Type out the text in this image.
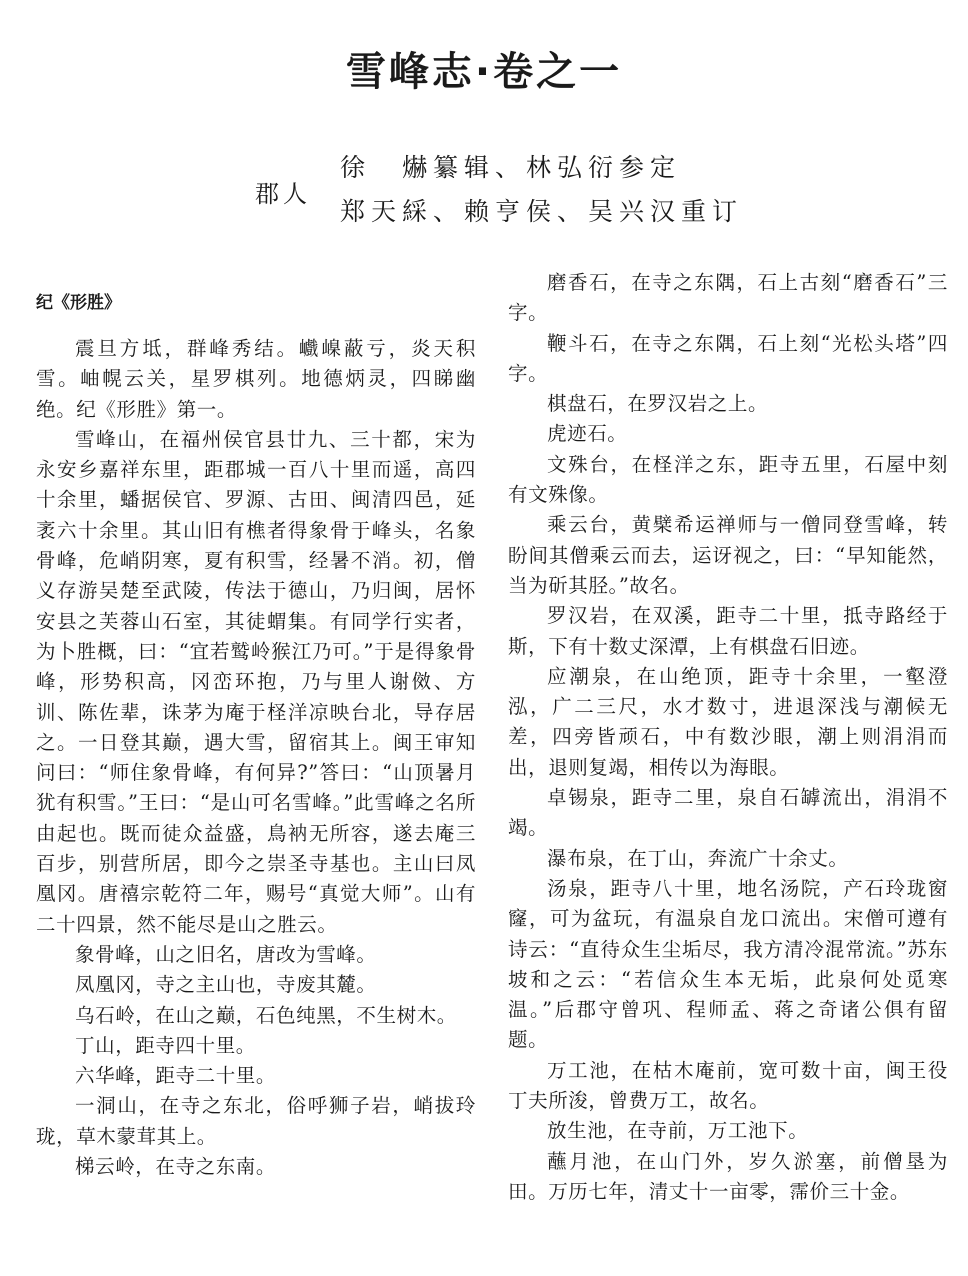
雪峰志·卷之一
郡人
徐　爀纂辑、林弘衍参定
郑天綵、赖亨侯、吴兴汉重订
纪《形胜》

震旦方坻，群峰秀结。巇嵲蔽亏，炎天积雪。岫幌云关，星罗棋列。地德炳灵，四睇幽绝。纪《形胜》第一。

雪峰山，在福州侯官县廿九、三十都，宋为永安乡嘉祥东里，距郡城一百八十里而遥，高四十余里，蟠据侯官、罗源、古田、闽清四邑，延袤六十余里。其山旧有樵者得象骨于峰头，名象骨峰，危峭阴寒，夏有积雪，经暑不消。初，僧义存游吴楚至武陵，传法于德山，乃归闽，居怀安县之芙蓉山石室，其徒蝟集。有同学行实者，为卜胜概，曰：“宜若鹫岭猴江乃可。”于是得象骨峰，形势积高，冈峦环抱，乃与里人谢傚、方训、陈佐辈，诛茅为庵于柽洋凉映台北，导存居之。一日登其巅，遇大雪，留宿其上。闽王审知问曰：“师住象骨峰，有何异?”答曰：“山顶暑月犹有积雪。”王曰：“是山可名雪峰。”此雪峰之名所由起也。既而徒众益盛，鳥衲无所容，遂去庵三百步，别营所居，即今之崇圣寺基也。主山曰凤凰冈。唐禧宗乾符二年，赐号“真觉大师”。山有二十四景，然不能尽是山之胜云。

象骨峰，山之旧名，唐改为雪峰。

凤凰冈，寺之主山也，寺废其麓。

乌石岭，在山之巅，石色纯黑，不生树木。

丁山，距寺四十里。

六华峰，距寺二十里。

一洞山，在寺之东北，俗呼狮子岩，峭拔玲珑，草木蒙茸其上。

梯云岭，在寺之东南。

磨香石，在寺之东隅，石上古刻“磨香石”三字。

鞭斗石，在寺之东隅，石上刻“光松头塔”四字。

棋盘石，在罗汉岩之上。

虎迹石。

文殊台，在柽洋之东，距寺五里，石屋中刻有文殊像。

乘云台，黄檗希运禅师与一僧同登雪峰，转盼间其僧乘云而去，运讶视之，曰：“早知能然，当为斫其胫。”故名。

罗汉岩，在双溪，距寺二十里，抵寺路经于斯，下有十数丈深潭，上有棋盘石旧迹。

应潮泉，在山绝顶，距寺十余里，一壑澄泓，广二三尺，水才数寸，进退深浅与潮候无差，四旁皆顽石，中有数沙眼，潮上则涓涓而出，退则复竭，相传以为海眼。

卓锡泉，距寺二里，泉自石罅流出，涓涓不竭。

瀑布泉，在丁山，奔流广十余丈。

汤泉，距寺八十里，地名汤院，产石玲珑窗窿，可为盆玩，有温泉自龙口流出。宋僧可遵有诗云：“直待众生尘垢尽，我方清冷混常流。”苏东坡和之云：“若信众生本无垢，此泉何处觅寒温。”后郡守曾巩、程师孟、蒋之奇诸公俱有留题。

万工池，在枯木庵前，宽可数十亩，闽王役丁夫所浚，曾费万工，故名。

放生池，在寺前，万工池下。

蘸月池，在山门外，岁久淤塞，前僧垦为田。万历七年，清丈十一亩零，霈价三十金。
